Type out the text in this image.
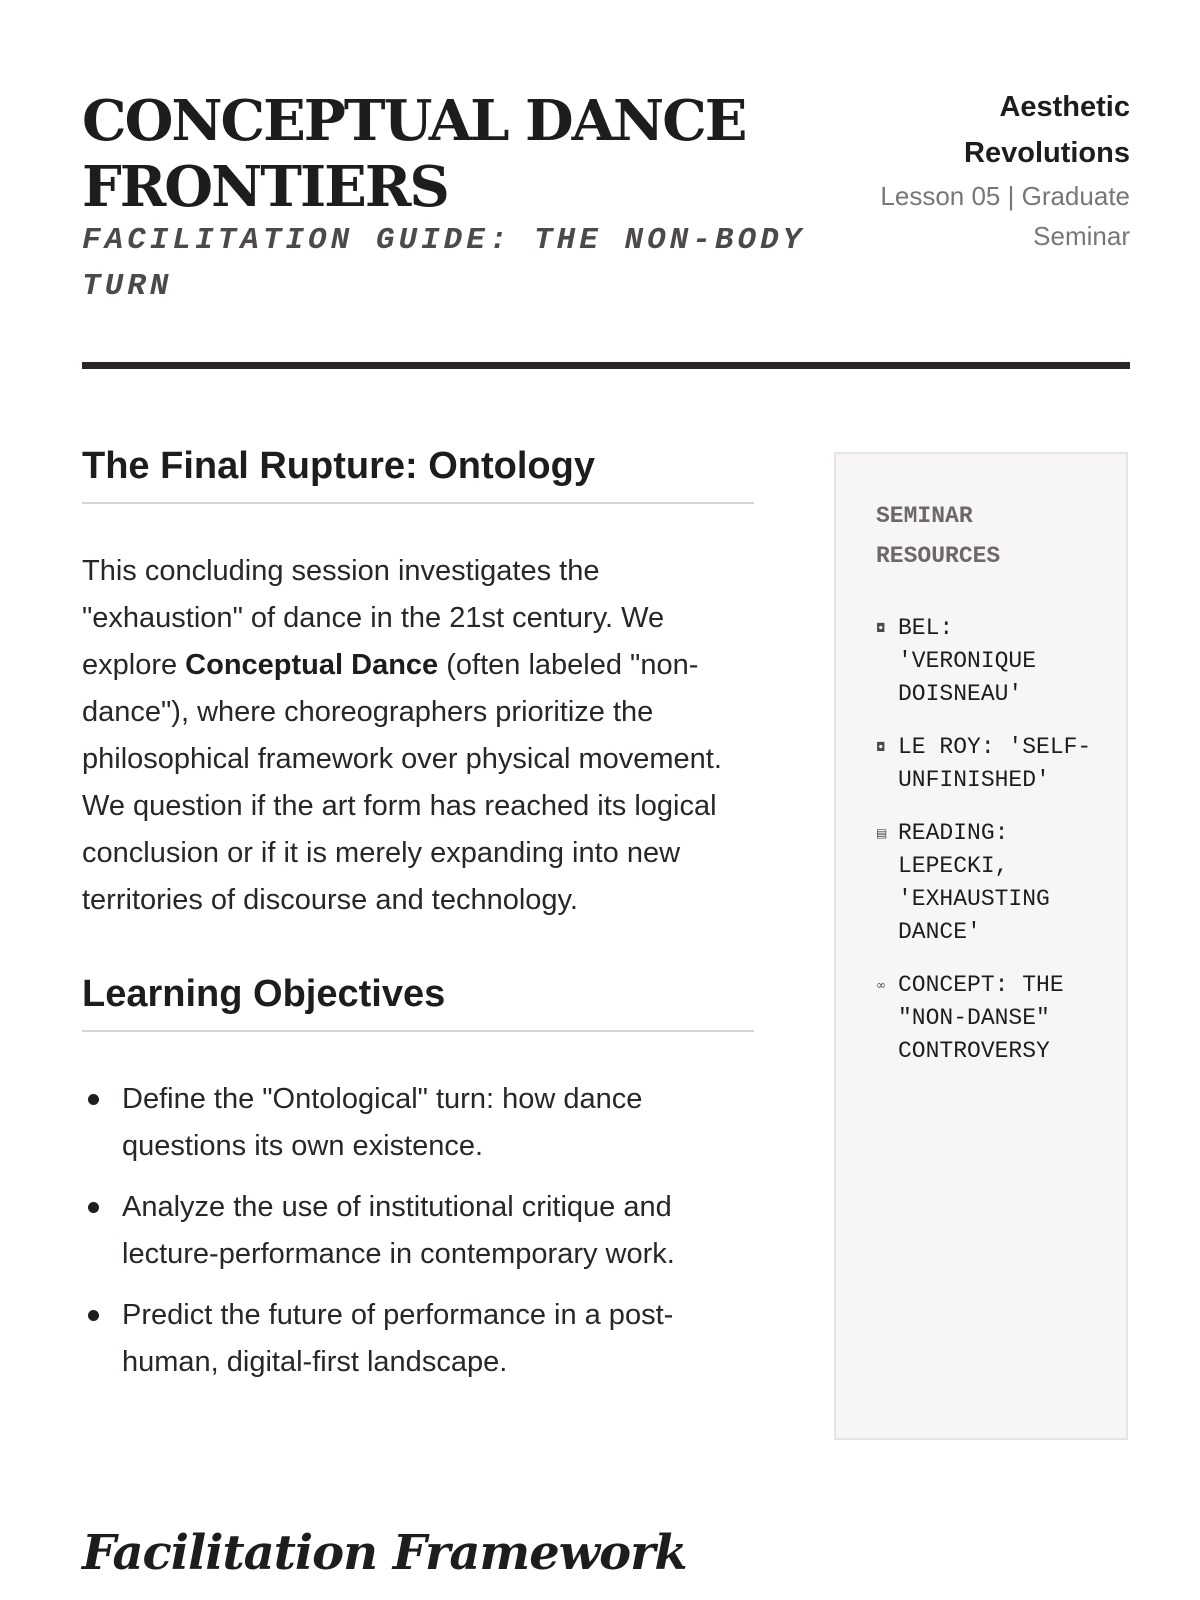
CONCEPTUAL DANCE FRONTIERS
FACILITATION GUIDE: THE NON-BODY TURN
Aesthetic Revolutions
Lesson 05 | Graduate Seminar
The Final Rupture: Ontology

This concluding session investigates the "exhaustion" of dance in the 21st century. We explore Conceptual Dance (often labeled "non-dance"), where choreographers prioritize the philosophical framework over physical movement. We question if the art form has reached its logical conclusion or if it is merely expanding into new territories of discourse and technology.

Learning Objectives
Define the "Ontological" turn: how dance questions its own existence.
Analyze the use of institutional critique and lecture-performance in contemporary work.
Predict the future of performance in a post-human, digital-first landscape.
Facilitation Framework
SEMINAR RESOURCES
◘ BEL: 'VERONIQUE DOISNEAU'
◘ LE ROY: 'SELF-UNFINISHED'
▤ READING: LEPECKI, 'EXHAUSTING DANCE'
∞ CONCEPT: THE "NON-DANSE" CONTROVERSY
